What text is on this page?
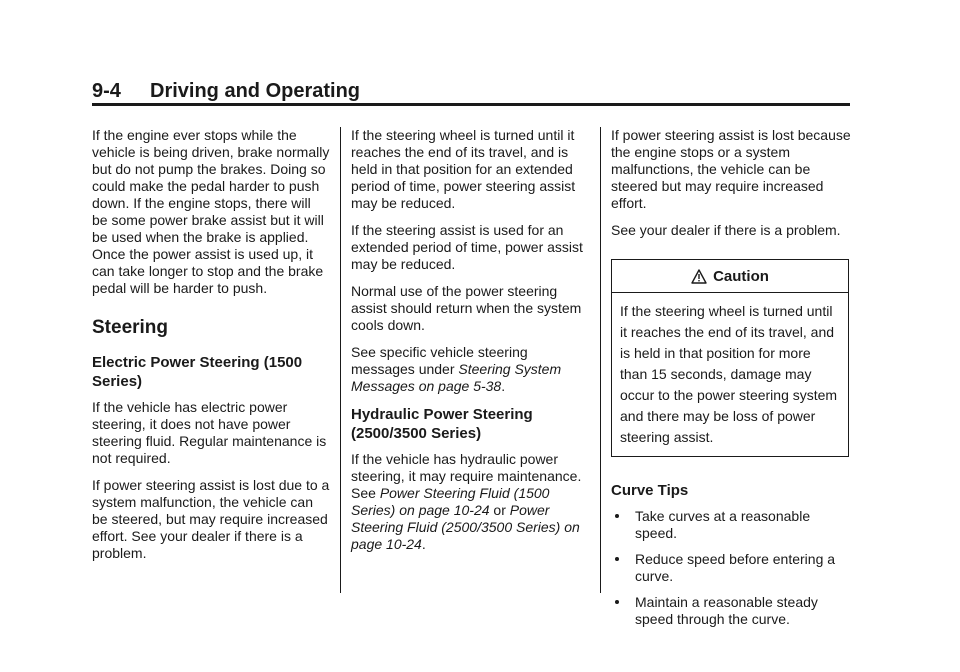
9-4 Driving and Operating

If the engine ever stops while the vehicle is being driven, brake normally but do not pump the brakes. Doing so could make the pedal harder to push down. If the engine stops, there will be some power brake assist but it will be used when the brake is applied. Once the power assist is used up, it can take longer to stop and the brake pedal will be harder to push.

Steering
Electric Power Steering (1500 Series)

If the vehicle has electric power steering, it does not have power steering fluid. Regular maintenance is not required.

If power steering assist is lost due to a system malfunction, the vehicle can be steered, but may require increased effort. See your dealer if there is a problem.

If the steering wheel is turned until it reaches the end of its travel, and is held in that position for an extended period of time, power steering assist may be reduced.

If the steering assist is used for an extended period of time, power assist may be reduced.

Normal use of the power steering assist should return when the system cools down.

See specific vehicle steering messages under Steering System Messages on page 5-38.

Hydraulic Power Steering (2500/3500 Series)

If the vehicle has hydraulic power steering, it may require maintenance. See Power Steering Fluid (1500 Series) on page 10-24 or Power Steering Fluid (2500/3500 Series) on page 10-24.

If power steering assist is lost because the engine stops or a system malfunctions, the vehicle can be steered but may require increased effort.

See your dealer if there is a problem.

Caution
If the steering wheel is turned until it reaches the end of its travel, and is held in that position for more than 15 seconds, damage may occur to the power steering system and there may be loss of power steering assist.
Curve Tips
Take curves at a reasonable speed.
Reduce speed before entering a curve.
Maintain a reasonable steady speed through the curve.
